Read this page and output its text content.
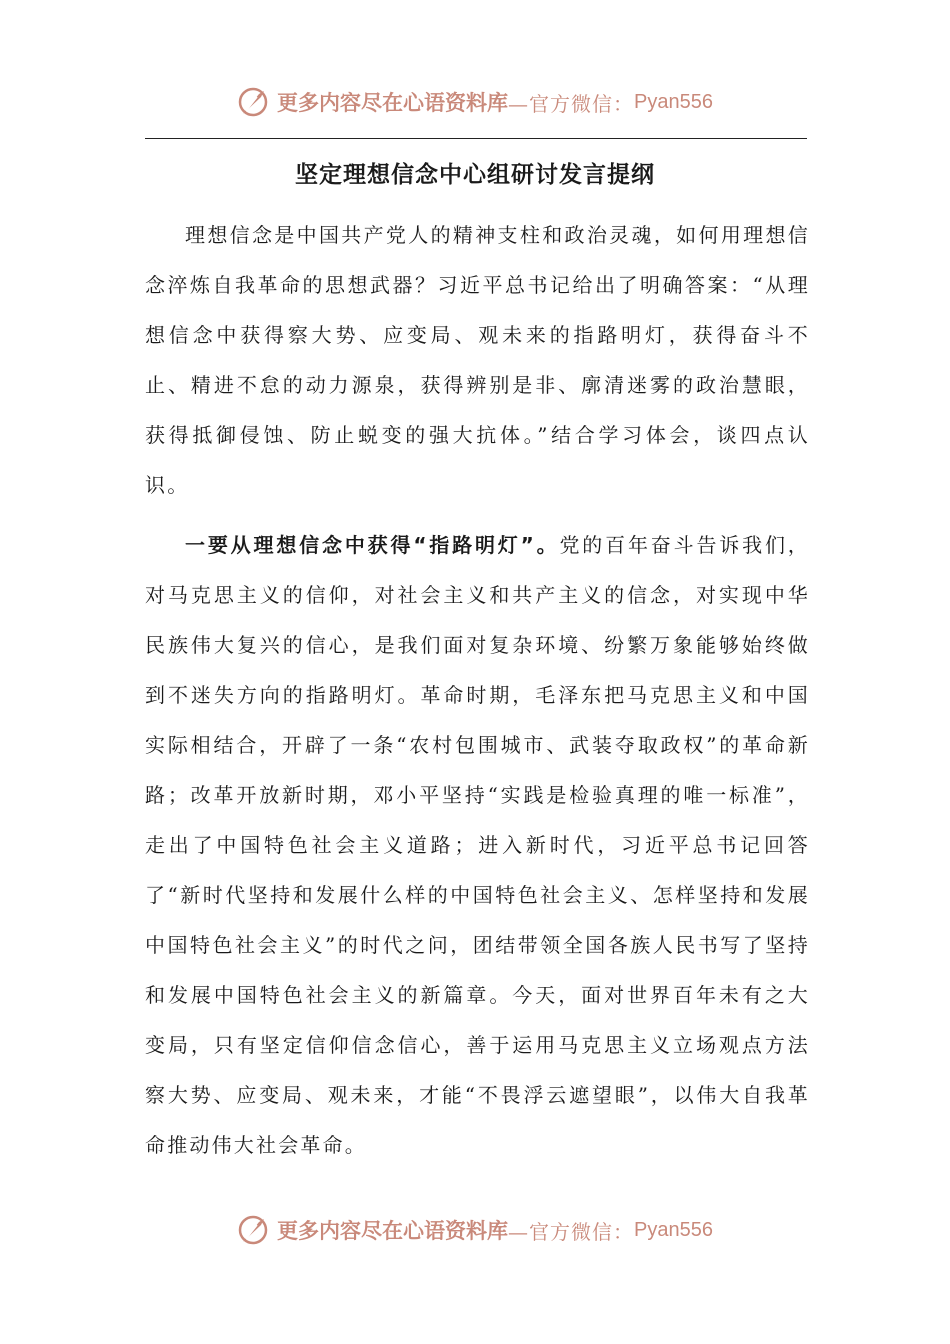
更多内容尽在心语资料库 —官方微信： Pyan556
坚定理想信念中心组研讨发言提纲

理想信念是中国共产党人的精神支柱和政治灵魂，如何用理想信念淬炼自我革命的思想武器？习近平总书记给出了明确答案：“从理想信念中获得察大势、应变局、观未来的指路明灯，获得奋斗不止、精进不怠的动力源泉，获得辨别是非、廓清迷雾的政治慧眼，获得抵御侵蚀、防止蜕变的强大抗体。”结合学习体会，谈四点认识。

一要从理想信念中获得“指路明灯”。党的百年奋斗告诉我们，对马克思主义的信仰，对社会主义和共产主义的信念，对实现中华民族伟大复兴的信心，是我们面对复杂环境、纷繁万象能够始终做到不迷失方向的指路明灯。革命时期，毛泽东把马克思主义和中国实际相结合，开辟了一条“农村包围城市、武装夺取政权”的革命新路；改革开放新时期，邓小平坚持“实践是检验真理的唯一标准”，走出了中国特色社会主义道路；进入新时代，习近平总书记回答了“新时代坚持和发展什么样的中国特色社会主义、怎样坚持和发展中国特色社会主义”的时代之问，团结带领全国各族人民书写了坚持和发展中国特色社会主义的新篇章。今天，面对世界百年未有之大变局，只有坚定信仰信念信心，善于运用马克思主义立场观点方法察大势、应变局、观未来，才能“不畏浮云遮望眼”，以伟大自我革命推动伟大社会革命。

更多内容尽在心语资料库 —官方微信： Pyan556
